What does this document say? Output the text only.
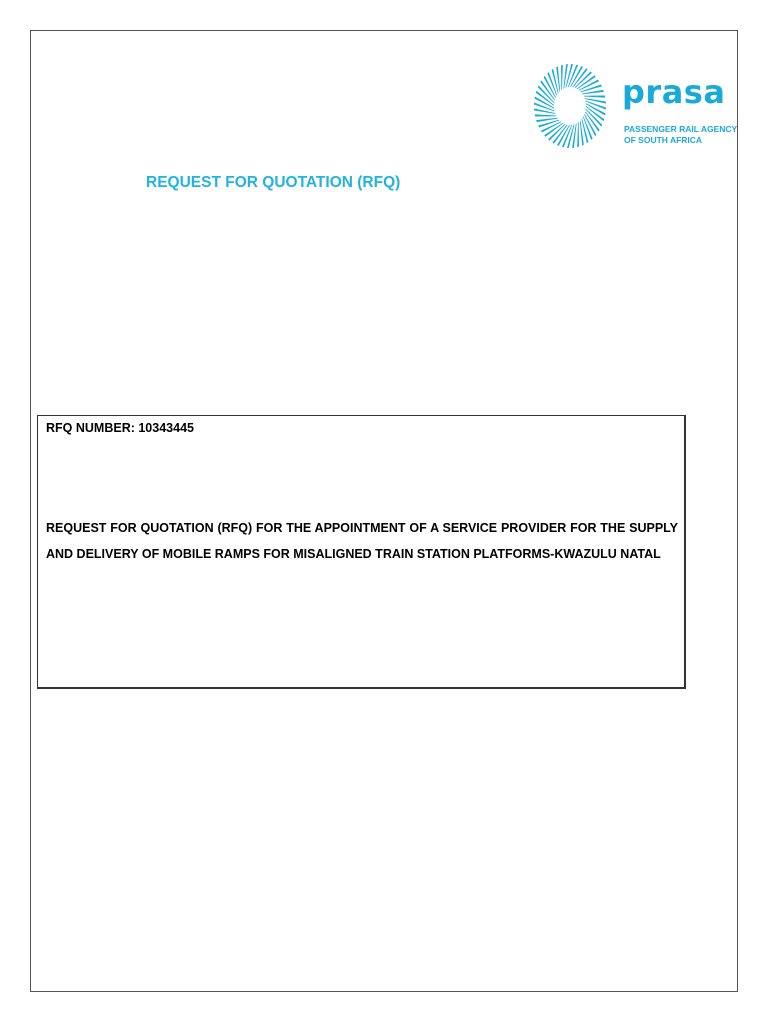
prasa
PASSENGER RAIL AGENCY
OF SOUTH AFRICA
REQUEST FOR QUOTATION (RFQ)
RFQ NUMBER: 10343445

REQUEST FOR QUOTATION (RFQ) FOR THE APPOINTMENT OF A SERVICE PROVIDER FOR THE SUPPLY AND DELIVERY OF MOBILE RAMPS FOR MISALIGNED TRAIN STATION PLATFORMS-KWAZULU NATAL
